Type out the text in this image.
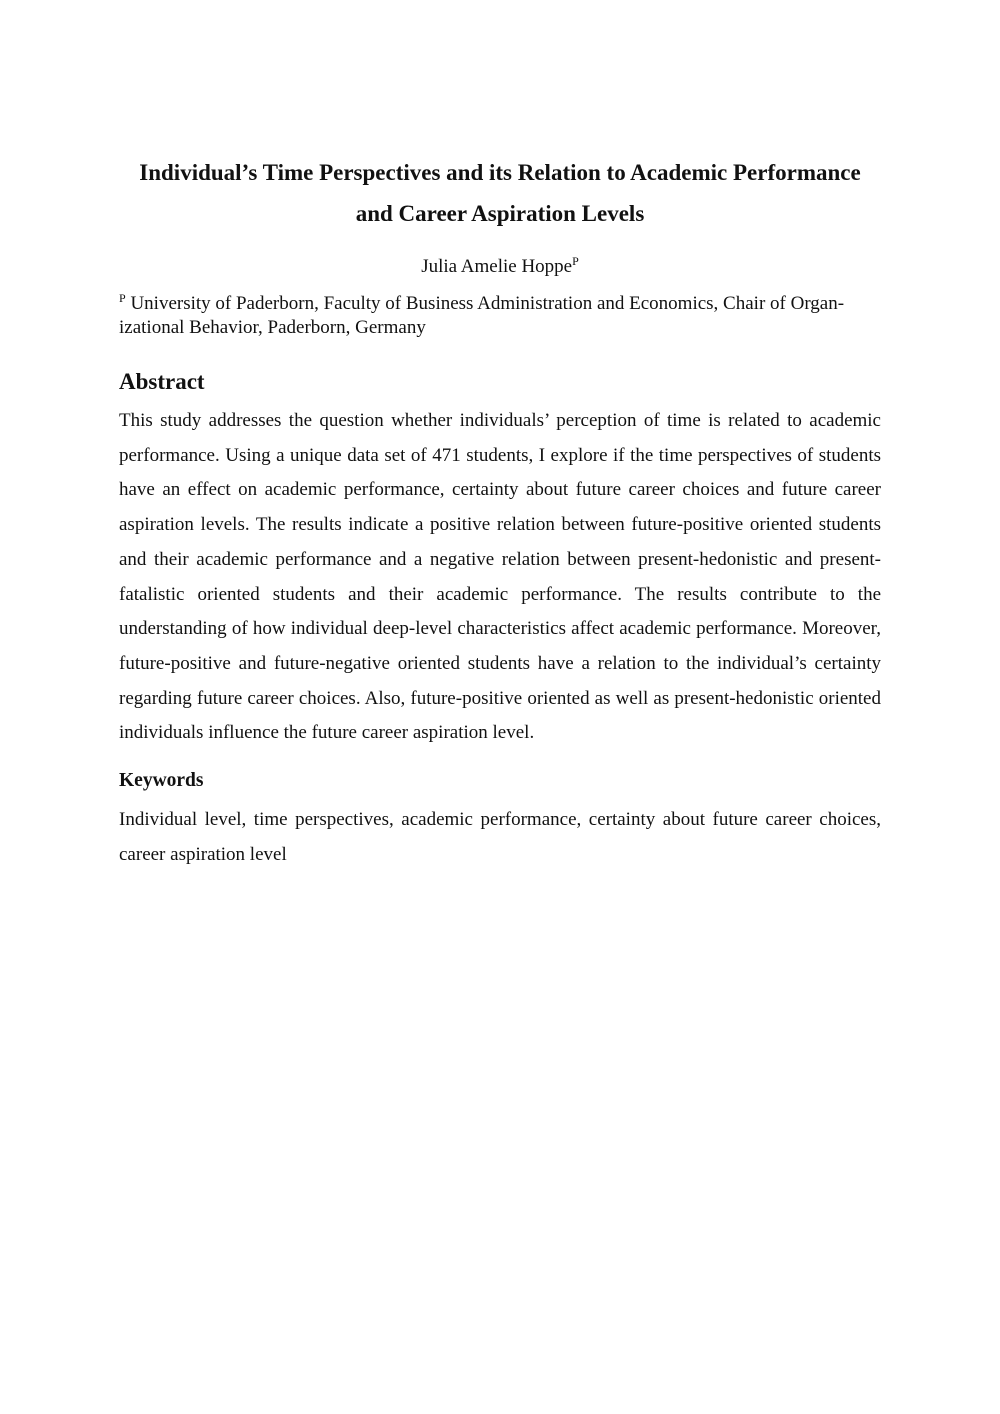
Individual’s Time Perspectives and its Relation to Academic Performance and Career Aspiration Levels

Julia Amelie Hoppe$^P$

$^P$ University of Paderborn, Faculty of Business Administration and Economics, Chair of Organ-izational Behavior, Paderborn, Germany

Abstract

This study addresses the question whether individuals’ perception of time is related to academic performance. Using a unique data set of 471 students, I explore if the time perspectives of students have an effect on academic performance, certainty about future career choices and future career aspiration levels. The results indicate a positive relation between future-positive oriented students and their academic performance and a negative relation between present-hedonistic and present-fatalistic oriented students and their academic performance. The results contribute to the understanding of how individual deep-level characteristics affect academic performance. Moreover, future-positive and future-negative oriented students have a relation to the individual’s certainty regarding future career choices. Also, future-positive oriented as well as present-hedonistic oriented individuals influence the future career aspiration level.

Keywords

Individual level, time perspectives, academic performance, certainty about future career choices, career aspiration level
